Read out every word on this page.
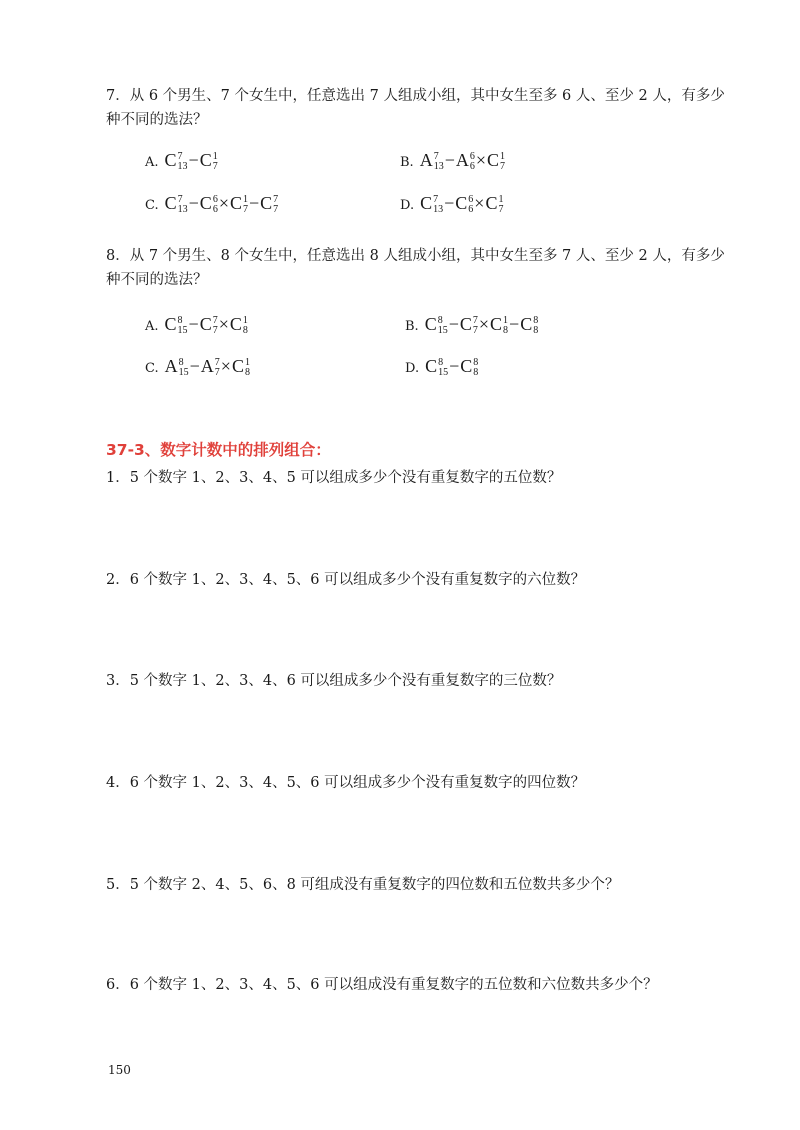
7．从 6 个男生、7 个女生中，任意选出 7 人组成小组，其中女生至多 6 人、至少 2 人，有多少种不同的选法？
A. C 7
13 −C 1
7	B. A 7
13 −A 6
6 ×C 1
7
C. C 7
13 −C 6
6 ×C 1
7 −C 7
7	D. C 7
13 −C 6
6 ×C 1
7
8．从 7 个男生、8 个女生中，任意选出 8 人组成小组，其中女生至多 7 人、至少 2 人，有多少种不同的选法？
A. C 8
15 −C 7
7 ×C 1
8	B. C 8
15 −C 7
7 ×C 1
8 −C 8
8
C. A 8
15 −A 7
7 ×C 1
8	D. C 8
15 −C 8
8
37-3、数字计数中的排列组合：
1．5 个数字 1、2、3、4、5 可以组成多少个没有重复数字的五位数？
2．6 个数字 1、2、3、4、5、6 可以组成多少个没有重复数字的六位数？
3．5 个数字 1、2、3、4、6 可以组成多少个没有重复数字的三位数？
4．6 个数字 1、2、3、4、5、6 可以组成多少个没有重复数字的四位数？
5．5 个数字 2、4、5、6、8 可组成没有重复数字的四位数和五位数共多少个？
6．6 个数字 1、2、3、4、5、6 可以组成没有重复数字的五位数和六位数共多少个？
150
